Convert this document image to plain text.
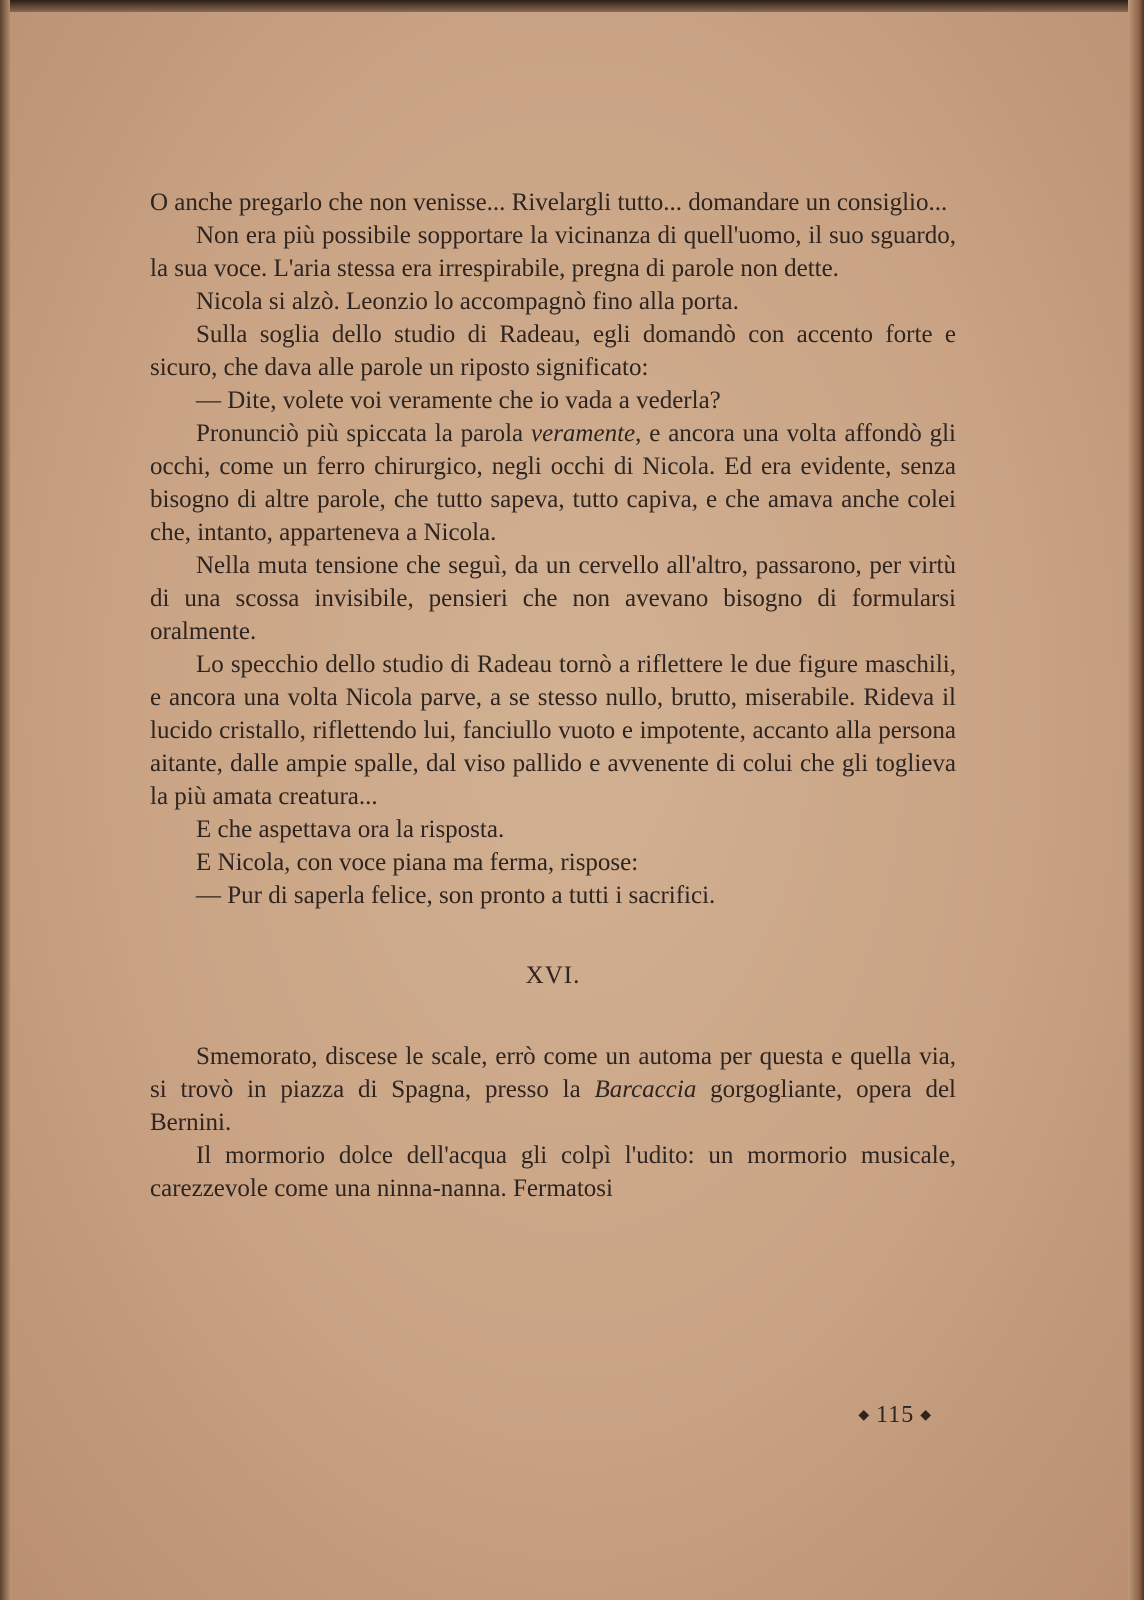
O anche pregarlo che non venisse... Rivelargli tutto... domandare un consiglio...

Non era più possibile sopportare la vicinanza di quell'uomo, il suo sguardo, la sua voce. L'aria stessa era irrespirabile, pregna di parole non dette.

Nicola si alzò. Leonzio lo accompagnò fino alla porta.

Sulla soglia dello studio di Radeau, egli domandò con accento forte e sicuro, che dava alle parole un riposto significato:

— Dite, volete voi veramente che io vada a vederla?

Pronunciò più spiccata la parola veramente, e ancora una volta affondò gli occhi, come un ferro chirurgico, negli occhi di Nicola. Ed era evidente, senza bisogno di altre parole, che tutto sapeva, tutto capiva, e che amava anche colei che, intanto, apparteneva a Nicola.

Nella muta tensione che seguì, da un cervello all'altro, passarono, per virtù di una scossa invisibile, pensieri che non avevano bisogno di formularsi oralmente.

Lo specchio dello studio di Radeau tornò a riflettere le due figure maschili, e ancora una volta Nicola parve, a se stesso nullo, brutto, miserabile. Rideva il lucido cristallo, riflettendo lui, fanciullo vuoto e impotente, accanto alla persona aitante, dalle ampie spalle, dal viso pallido e avvenente di colui che gli toglieva la più amata creatura...

E che aspettava ora la risposta.

E Nicola, con voce piana ma ferma, rispose:

— Pur di saperla felice, son pronto a tutti i sacrifici.

XVI.

Smemorato, discese le scale, errò come un automa per questa e quella via, si trovò in piazza di Spagna, presso la Barcaccia gorgogliante, opera del Bernini.

Il mormorio dolce dell'acqua gli colpì l'udito: un mormorio musicale, carezzevole come una ninna-nanna. Fermatosi

◆ 115 ◆
